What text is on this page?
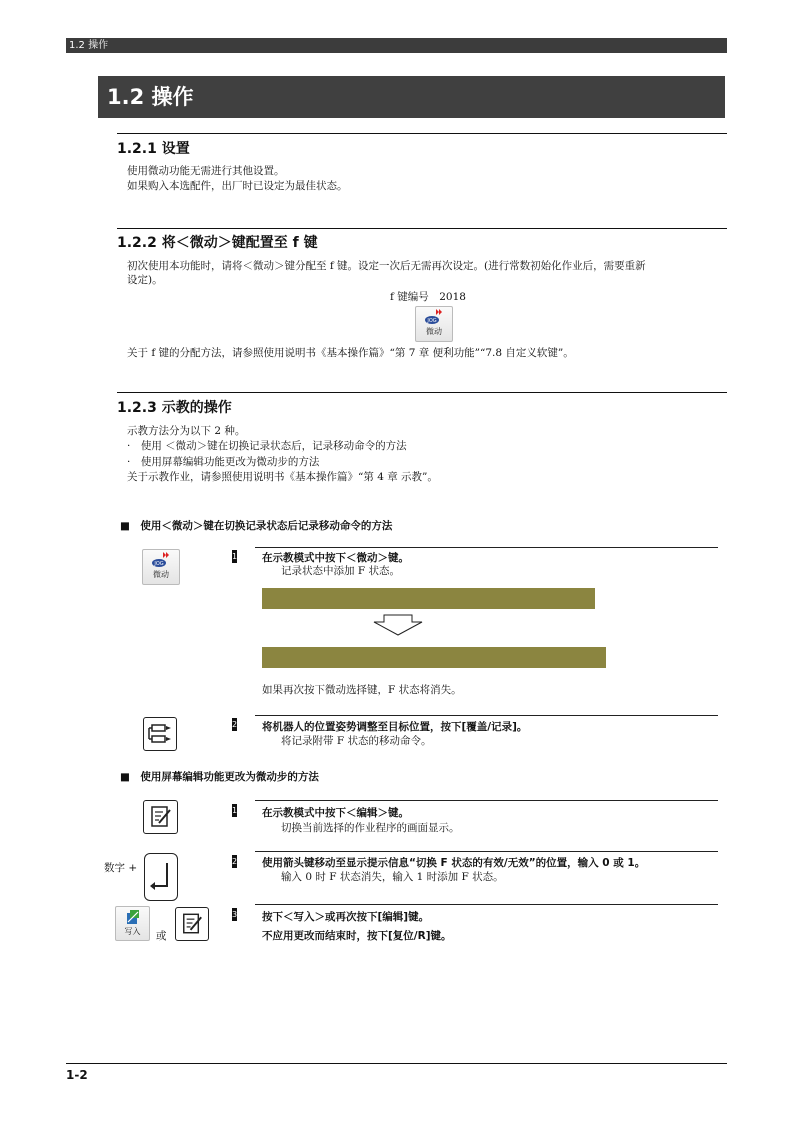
1.2 操作
1.2 操作
1.2.1 设置
使用微动功能无需进行其他设置。
如果购入本选配件，出厂时已设定为最佳状态。
1.2.2 将＜微动＞键配置至 f 键
初次使用本功能时，请将＜微动＞键分配至 f 键。设定一次后无需再次设定。(进行常数初始化作业后，需要重新
设定)。
f 键编号　2018
JOG
微动
关于 f 键的分配方法，请参照使用说明书《基本操作篇》“第 7 章 便利功能”“7.8 自定义软键”。
1.2.3 示教的操作
示教方法分为以下 2 种。
·　使用 ＜微动＞键在切换记录状态后，记录移动命令的方法
·　使用屏幕编辑功能更改为微动步的方法
关于示教作业，请参照使用说明书《基本操作篇》“第 4 章 示教”。
■　使用＜微动＞键在切换记录状态后记录移动命令的方法
JOG
微动
1 在示教模式中按下＜微动＞键。
记录状态中添加 F 状态。

如果再次按下微动选择键，F 状态将消失。
2 将机器人的位置姿势调整至目标位置，按下[覆盖/记录]。
将记录附带 F 状态的移动命令。
■　使用屏幕编辑功能更改为微动步的方法
1 在示教模式中按下＜编辑＞键。
切换当前选择的作业程序的画面显示。
数字 +
2 使用箭头键移动至显示提示信息“切换 F 状态的有效/无效”的位置，输入 0 或 1。
输入 0 时 F 状态消失，输入 1 时添加 F 状态。
写入	或
3 按下＜写入＞或再次按下[编辑]键。
不应用更改而结束时，按下[复位/R]键。
1-2
